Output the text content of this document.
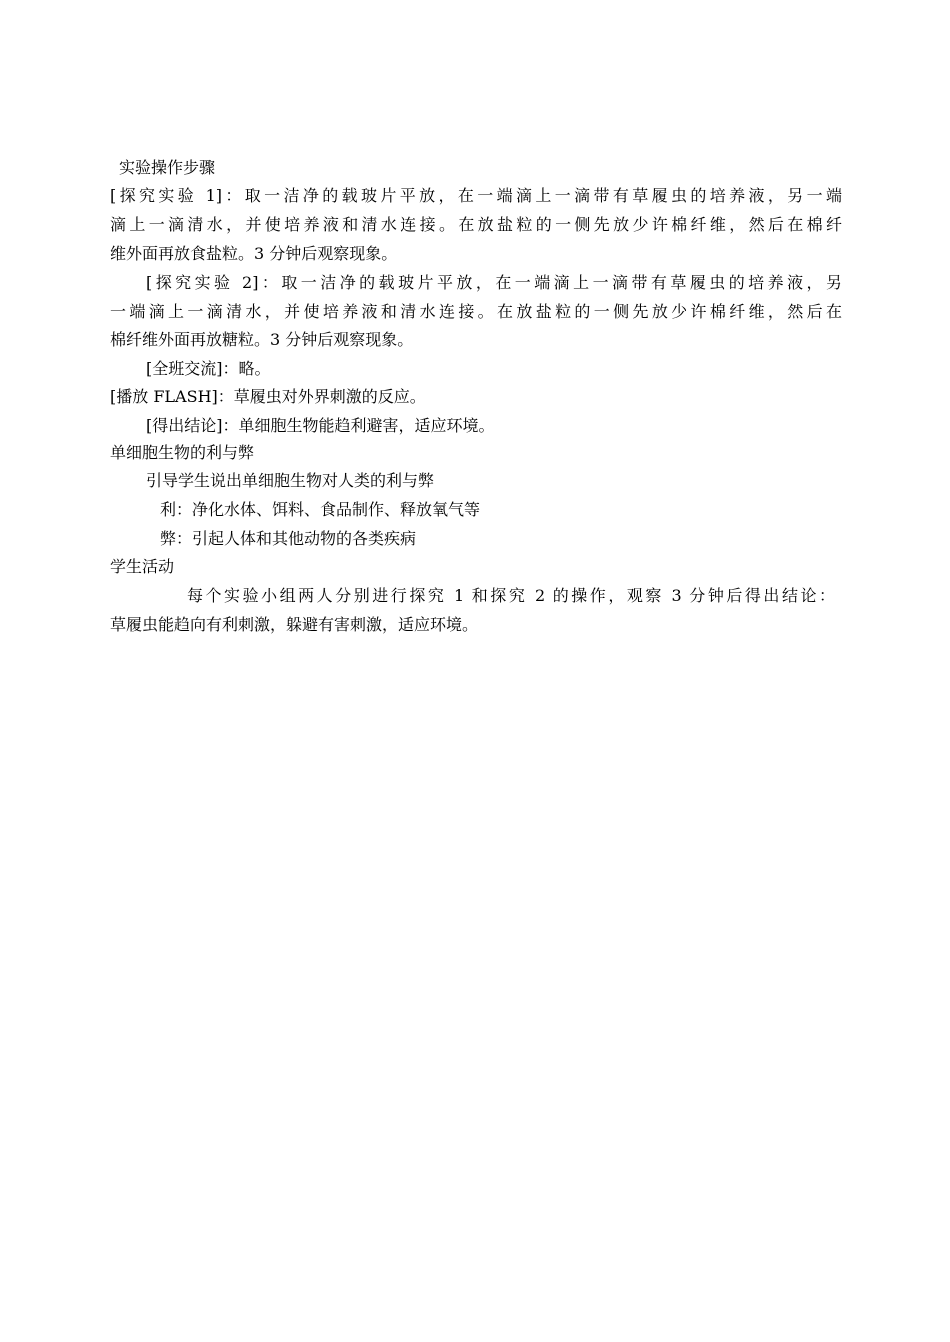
实验操作步骤
[探究实验 1]：取一洁净的载玻片平放，在一端滴上一滴带有草履虫的培养液，另一端
滴上一滴清水，并使培养液和清水连接。在放盐粒的一侧先放少许棉纤维，然后在棉纤
维外面再放食盐粒。3 分钟后观察现象。
[探究实验 2]：取一洁净的载玻片平放，在一端滴上一滴带有草履虫的培养液，另
一端滴上一滴清水，并使培养液和清水连接。在放盐粒的一侧先放少许棉纤维，然后在
棉纤维外面再放糖粒。3 分钟后观察现象。
[全班交流]：略。
[播放 FLASH]：草履虫对外界刺激的反应。
[得出结论]：单细胞生物能趋利避害，适应环境。
单细胞生物的利与弊
引导学生说出单细胞生物对人类的利与弊
利：净化水体、饵料、食品制作、释放氧气等
弊：引起人体和其他动物的各类疾病
学生活动
每个实验小组两人分别进行探究 1 和探究 2 的操作，观察 3 分钟后得出结论：
草履虫能趋向有利刺激，躲避有害刺激，适应环境。
